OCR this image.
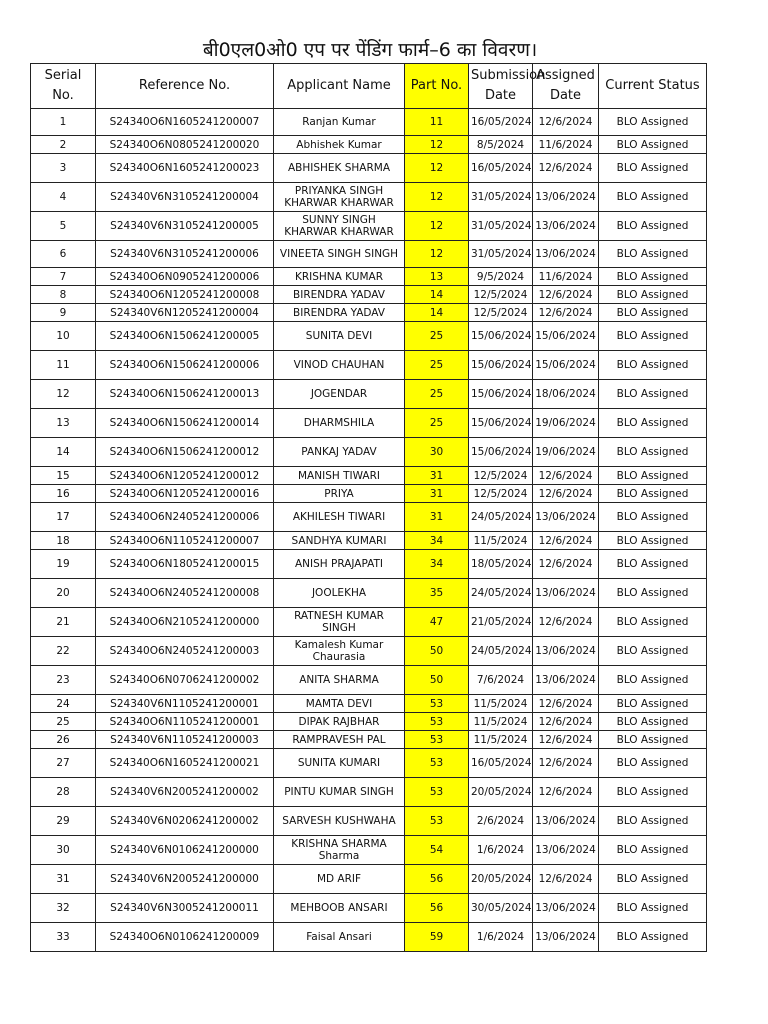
बी0एल0ओ0 एप पर पेंडिंग फार्म–6 का विवरण।
Serial No.	Reference No.	Applicant Name	Part No.	Submission Date	Assigned Date	Current Status
1	S24340O6N1605241200007	Ranjan Kumar	11	16/05/2024	12/6/2024	BLO Assigned
2	S24340O6N0805241200020	Abhishek Kumar	12	8/5/2024	11/6/2024	BLO Assigned
3	S24340O6N1605241200023	ABHISHEK SHARMA	12	16/05/2024	12/6/2024	BLO Assigned
4	S24340V6N3105241200004	PRIYANKA SINGH KHARWAR KHARWAR	12	31/05/2024	13/06/2024	BLO Assigned
5	S24340V6N3105241200005	SUNNY SINGH KHARWAR KHARWAR	12	31/05/2024	13/06/2024	BLO Assigned
6	S24340V6N3105241200006	VINEETA SINGH SINGH	12	31/05/2024	13/06/2024	BLO Assigned
7	S24340O6N0905241200006	KRISHNA KUMAR	13	9/5/2024	11/6/2024	BLO Assigned
8	S24340O6N1205241200008	BIRENDRA YADAV	14	12/5/2024	12/6/2024	BLO Assigned
9	S24340V6N1205241200004	BIRENDRA YADAV	14	12/5/2024	12/6/2024	BLO Assigned
10	S24340O6N1506241200005	SUNITA DEVI	25	15/06/2024	15/06/2024	BLO Assigned
11	S24340O6N1506241200006	VINOD CHAUHAN	25	15/06/2024	15/06/2024	BLO Assigned
12	S24340O6N1506241200013	JOGENDAR	25	15/06/2024	18/06/2024	BLO Assigned
13	S24340O6N1506241200014	DHARMSHILA	25	15/06/2024	19/06/2024	BLO Assigned
14	S24340O6N1506241200012	PANKAJ YADAV	30	15/06/2024	19/06/2024	BLO Assigned
15	S24340O6N1205241200012	MANISH TIWARI	31	12/5/2024	12/6/2024	BLO Assigned
16	S24340O6N1205241200016	PRIYA	31	12/5/2024	12/6/2024	BLO Assigned
17	S24340O6N2405241200006	AKHILESH TIWARI	31	24/05/2024	13/06/2024	BLO Assigned
18	S24340O6N1105241200007	SANDHYA KUMARI	34	11/5/2024	12/6/2024	BLO Assigned
19	S24340O6N1805241200015	ANISH PRAJAPATI	34	18/05/2024	12/6/2024	BLO Assigned
20	S24340O6N2405241200008	JOOLEKHA	35	24/05/2024	13/06/2024	BLO Assigned
21	S24340O6N2105241200000	RATNESH KUMAR SINGH	47	21/05/2024	12/6/2024	BLO Assigned
22	S24340O6N2405241200003	Kamalesh Kumar Chaurasia	50	24/05/2024	13/06/2024	BLO Assigned
23	S24340O6N0706241200002	ANITA SHARMA	50	7/6/2024	13/06/2024	BLO Assigned
24	S24340V6N1105241200001	MAMTA DEVI	53	11/5/2024	12/6/2024	BLO Assigned
25	S24340O6N1105241200001	DIPAK RAJBHAR	53	11/5/2024	12/6/2024	BLO Assigned
26	S24340V6N1105241200003	RAMPRAVESH PAL	53	11/5/2024	12/6/2024	BLO Assigned
27	S24340O6N1605241200021	SUNITA KUMARI	53	16/05/2024	12/6/2024	BLO Assigned
28	S24340V6N2005241200002	PINTU KUMAR SINGH	53	20/05/2024	12/6/2024	BLO Assigned
29	S24340V6N0206241200002	SARVESH KUSHWAHA	53	2/6/2024	13/06/2024	BLO Assigned
30	S24340V6N0106241200000	KRISHNA SHARMA Sharma	54	1/6/2024	13/06/2024	BLO Assigned
31	S24340V6N2005241200000	MD ARIF	56	20/05/2024	12/6/2024	BLO Assigned
32	S24340V6N3005241200011	MEHBOOB ANSARI	56	30/05/2024	13/06/2024	BLO Assigned
33	S24340O6N0106241200009	Faisal Ansari	59	1/6/2024	13/06/2024	BLO Assigned
